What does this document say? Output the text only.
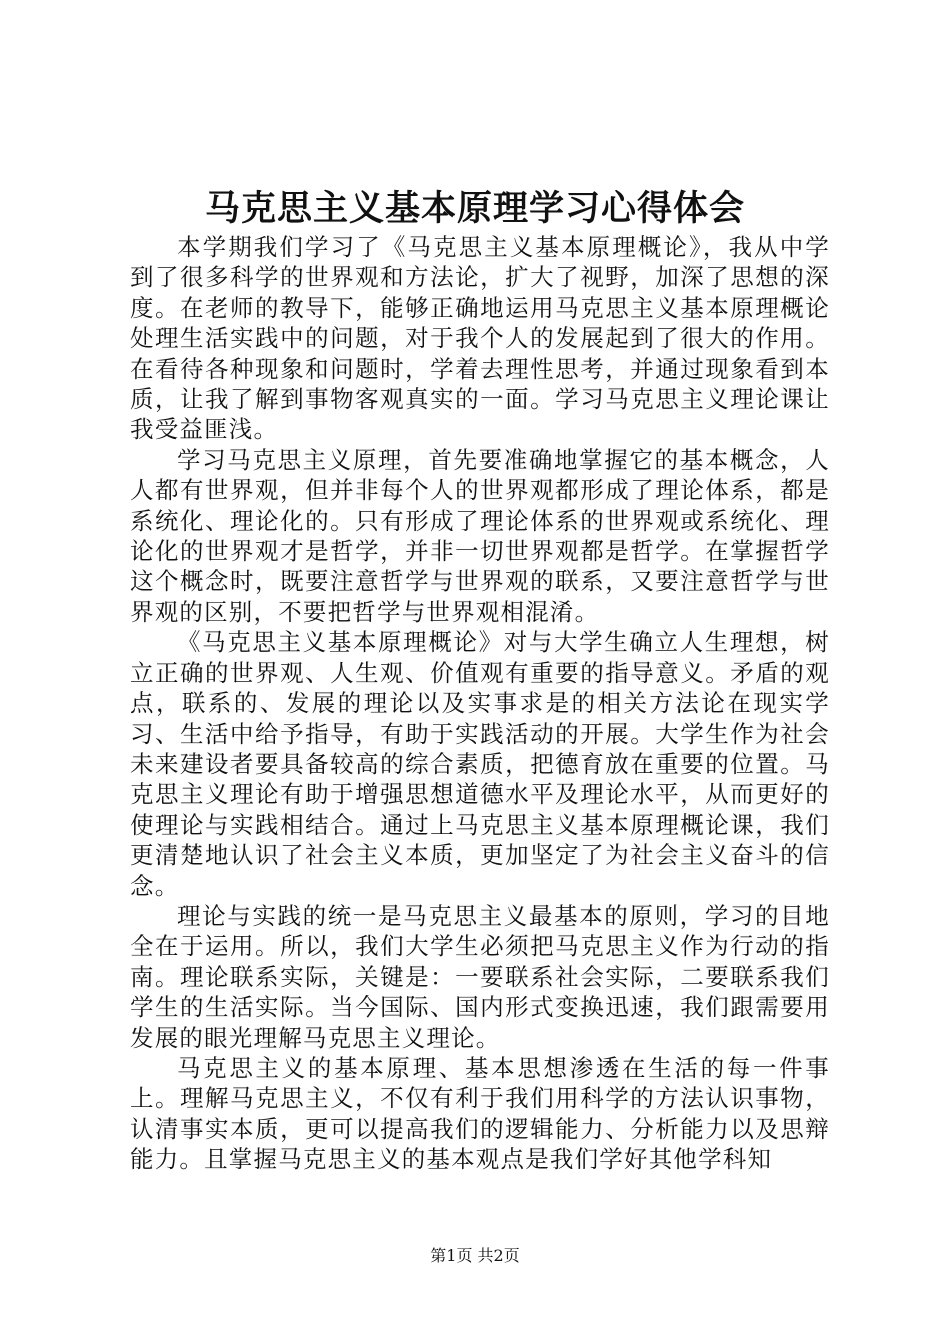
马克思主义基本原理学习心得体会

本学期我们学习了《马克思主义基本原理概论》，我从中学到了很多科学的世界观和方法论，扩大了视野，加深了思想的深度。在老师的教导下，能够正确地运用马克思主义基本原理概论处理生活实践中的问题，对于我个人的发展起到了很大的作用。在看待各种现象和问题时，学着去理性思考，并通过现象看到本质，让我了解到事物客观真实的一面。学习马克思主义理论课让我受益匪浅。

学习马克思主义原理，首先要准确地掌握它的基本概念，人人都有世界观，但并非每个人的世界观都形成了理论体系，都是系统化、理论化的。只有形成了理论体系的世界观或系统化、理论化的世界观才是哲学，并非一切世界观都是哲学。在掌握哲学这个概念时，既要注意哲学与世界观的联系，又要注意哲学与世界观的区别，不要把哲学与世界观相混淆。

《马克思主义基本原理概论》对与大学生确立人生理想，树立正确的世界观、人生观、价值观有重要的指导意义。矛盾的观点，联系的、发展的理论以及实事求是的相关方法论在现实学习、生活中给予指导，有助于实践活动的开展。大学生作为社会未来建设者要具备较高的综合素质，把德育放在重要的位置。马克思主义理论有助于增强思想道德水平及理论水平，从而更好的使理论与实践相结合。通过上马克思主义基本原理概论课，我们更清楚地认识了社会主义本质，更加坚定了为社会主义奋斗的信念。

理论与实践的统一是马克思主义最基本的原则，学习的目地全在于运用。所以，我们大学生必须把马克思主义作为行动的指南。理论联系实际，关键是：一要联系社会实际，二要联系我们学生的生活实际。当今国际、国内形式变换迅速，我们跟需要用发展的眼光理解马克思主义理论。

马克思主义的基本原理、基本思想渗透在生活的每一件事上。理解马克思主义，不仅有利于我们用科学的方法认识事物，认清事实本质，更可以提高我们的逻辑能力、分析能力以及思辩能力。且掌握马克思主义的基本观点是我们学好其他学科知

第1页 共2页
